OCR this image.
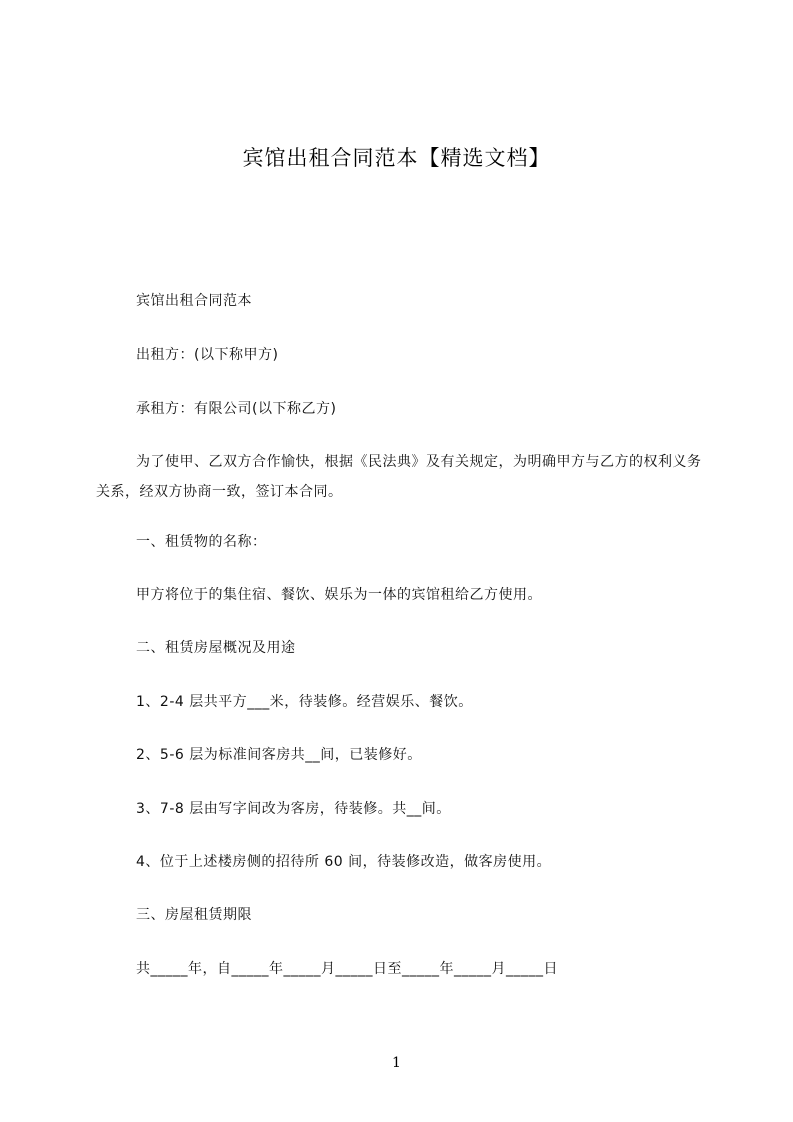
宾馆出租合同范本【精选文档】
宾馆出租合同范本
出租方：(以下称甲方)
承租方：有限公司(以下称乙方)
为了使甲、乙双方合作愉快，根据《民法典》及有关规定，为明确甲方与乙方的权利义务关系，经双方协商一致，签订本合同。
一、租赁物的名称：
甲方将位于的集住宿、餐饮、娱乐为一体的宾馆租给乙方使用。
二、租赁房屋概况及用途
1、2-4 层共平方___米，待装修。经营娱乐、餐饮。
2、5-6 层为标准间客房共__间，已装修好。
3、7-8 层由写字间改为客房，待装修。共__间。
4、位于上述楼房侧的招待所 60 间，待装修改造，做客房使用。
三、房屋租赁期限
共_____年，自_____年_____月_____日至_____年_____月_____日
1
